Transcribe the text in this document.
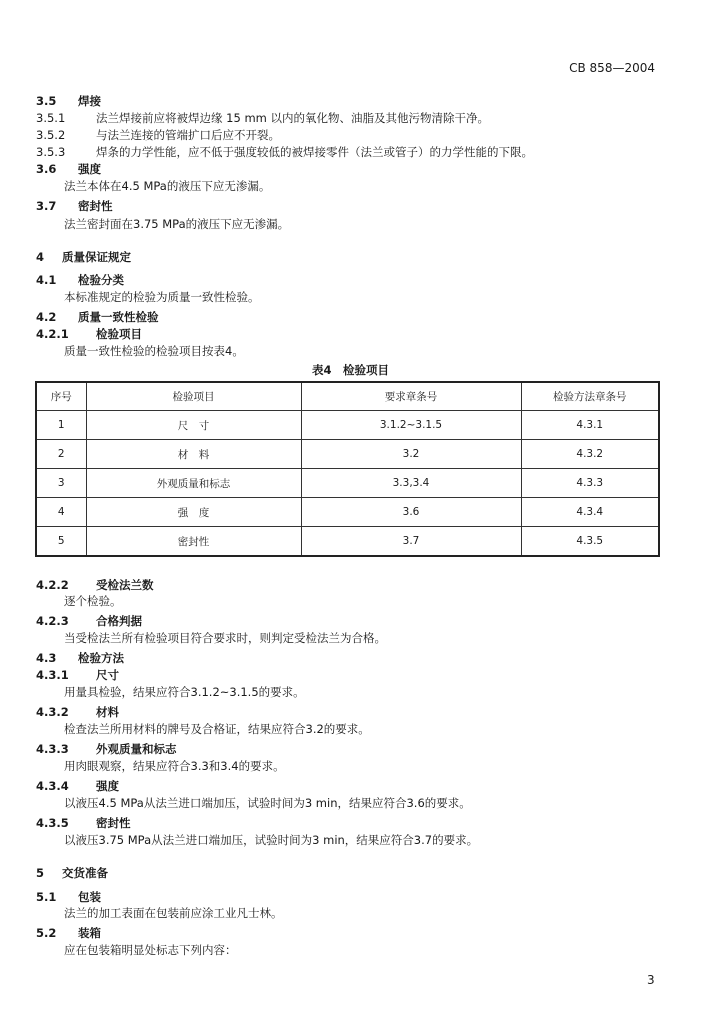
CB 858—2004
3.5 焊接
3.5.1	法兰焊接前应将被焊边缘 15 mm 以内的氧化物、油脂及其他污物清除干净。
3.5.2	与法兰连接的管端扩口后应不开裂。
3.5.3	焊条的力学性能，应不低于强度较低的被焊接零件（法兰或管子）的力学性能的下限。
3.6 强度
法兰本体在4.5 MPa的液压下应无渗漏。
3.7 密封性
法兰密封面在3.75 MPa的液压下应无渗漏。
4 质量保证规定
4.1 检验分类
本标准规定的检验为质量一致性检验。
4.2 质量一致性检验
4.2.1 检验项目
质量一致性检验的检验项目按表4。
表4　检验项目
序号	检验项目	要求章条号	检验方法章条号
1	尺　寸	3.1.2~3.1.5	4.3.1
2	材　料	3.2	4.3.2
3	外观质量和标志	3.3,3.4	4.3.3
4	强　度	3.6	4.3.4
5	密封性	3.7	4.3.5
4.2.2 受检法兰数
逐个检验。
4.2.3 合格判据
当受检法兰所有检验项目符合要求时，则判定受检法兰为合格。
4.3 检验方法
4.3.1 尺寸
用量具检验，结果应符合3.1.2~3.1.5的要求。
4.3.2 材料
检查法兰所用材料的牌号及合格证，结果应符合3.2的要求。
4.3.3 外观质量和标志
用肉眼观察，结果应符合3.3和3.4的要求。
4.3.4 强度
以液压4.5 MPa从法兰进口端加压，试验时间为3 min，结果应符合3.6的要求。
4.3.5 密封性
以液压3.75 MPa从法兰进口端加压，试验时间为3 min，结果应符合3.7的要求。
5 交货准备
5.1 包装
法兰的加工表面在包装前应涂工业凡士林。
5.2 装箱
应在包装箱明显处标志下列内容：
3
